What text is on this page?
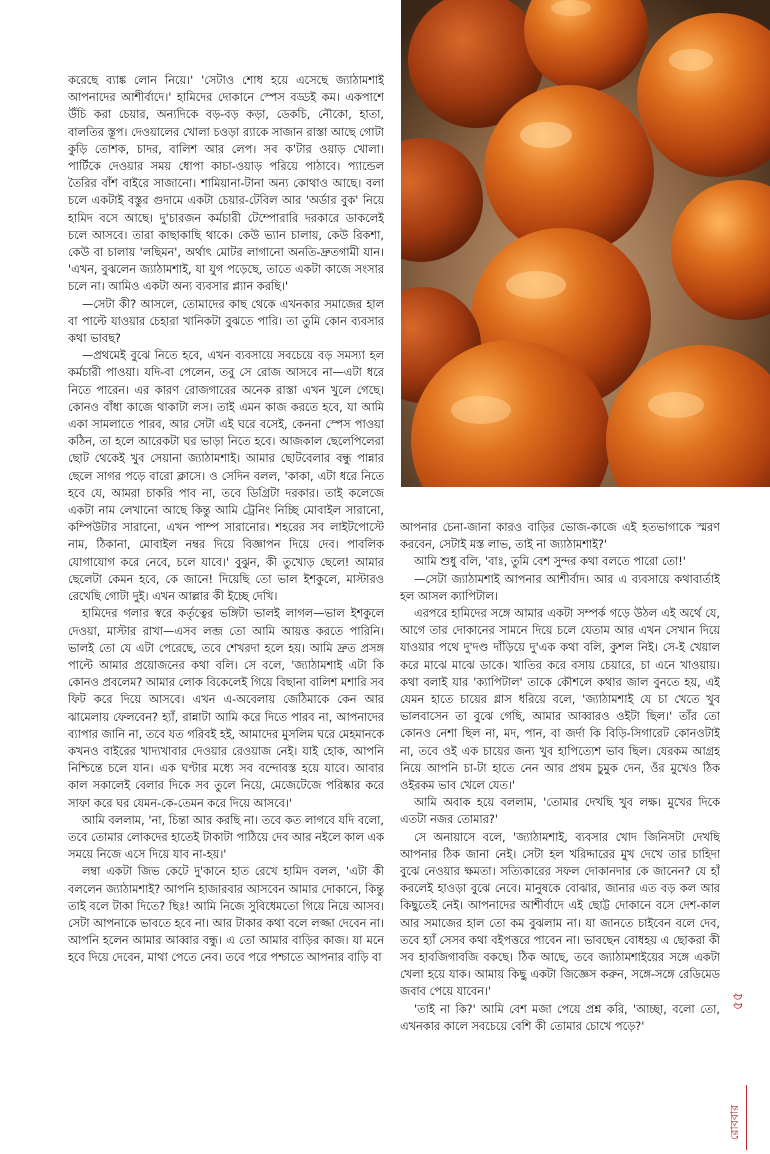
করেছে ব্যাঙ্ক লোন নিয়ে।' 'সেটাও শোধ হয়ে এসেছে জ্যাঠামশাই আপনাদের আশীর্বাদে।' হামিদের দোকানে স্পেস বড্ডই কম। একপাশে উঁচি করা চেয়ার, অন্যদিকে বড়-বড় কড়া, ডেকচি, নৌকো, হাতা, বালতির স্তূপ। দেওয়ালের খোলা চওড়া র‍্যাকে সাজান রাস্তা আছে গোটা কুড়ি তোশক, চাদর, বালিশ আর লেপ। সব ক'টার ওয়াড় খোলা। পার্টিকে দেওয়ার সময় ধোপা কাচা-ওয়াড় পরিয়ে পাঠাবে। প্যান্ডেল তৈরির বাঁশ বাইরে সাজানো। শামিয়ানা-টানা অন্য কোথাও আছে। বলা চলে একটাই বস্তুর গুদামে একটা চেয়ার-টেবিল আর 'অর্ডার বুক' নিয়ে হামিদ বসে আছে। দু'চারজন কর্মচারী টেম্পোরারি দরকারে ডাকলেই চলে আসবে। তারা কাছাকাছি থাকে। কেউ ভ্যান চালায়, কেউ রিকশা, কেউ বা চালায় 'লছিমন', অর্থাৎ মোটর লাগানো অনতি-দ্রুতগামী যান। 'এখন, বুঝলেন জ্যাঠামশাই, যা যুগ পড়েছে, তাতে একটা কাজে সংসার চলে না। আমিও একটা অন্য ব্যবসার প্ল্যান করছি।'

—সেটা কী? আসলে, তোমাদের কাছ থেকে এখনকার সমাজের হাল বা পাল্টে যাওয়ার চেহারা খানিকটা বুঝতে পারি। তা তুমি কোন ব্যবসার কথা ভাবছ?

—প্রথমেই বুঝে নিতে হবে, এখন ব্যবসায়ে সবচেয়ে বড় সমস্যা হল কর্মচারী পাওয়া। যদি-বা পেলেন, তবু সে রোজ আসবে না—এটা ধরে নিতে পারেন। এর কারণ রোজগারের অনেক রাস্তা এখন খুলে গেছে। কোনও বাঁধা কাজে থাকাটা লস। তাই এমন কাজ করতে হবে, যা আমি একা সামলাতে পারব, আর সেটা এই ঘরে বসেই, কেননা স্পেস পাওয়া কঠিন, তা হলে আরেকটা ঘর ভাড়া নিতে হবে। আজকাল ছেলেপিলেরা ছোট থেকেই খুব সেয়ানা জ্যাঠামশাই। আমার ছোটবেলার বন্ধু পান্নার ছেলে সাগর পড়ে বারো ক্লাসে। ও সেদিন বলল, 'কাকা, এটা ধরে নিতে হবে যে, আমরা চাকরি পাব না, তবে ডিগ্রিটা দরকার। তাই কলেজে একটা নাম লেখানো আছে কিন্তু আমি ট্রেনিং নিচ্ছি মোবাইল সারানো, কম্পিউটার সারানো, এখন পাম্প সারানোর। শহরের সব লাইটপোস্টে নাম, ঠিকানা, মোবাইল নম্বর দিয়ে বিজ্ঞাপন দিয়ে দেব। পাবলিক যোগাযোগ করে নেবে, চলে যাবে।' বুঝুন, কী তুখোড় ছেলে! আমার ছেলেটা কেমন হবে, কে জানে! দিয়েছি তো ভাল ইশকুলে, মাস্টারও রেখেছি গোটা দুই। এখন আল্লার কী ইচ্ছে দেখি।

হামিদের গলার স্বরে কর্তৃত্বের ভঙ্গিটা ভালই লাগল—ভাল ইশকুলে দেওয়া, মাস্টার রাখা—এসব লব্জ তো আমি আয়ত্ত করতে পারিনি। ভালই তো যে এটা পেরেছে, তবে শেখরদা হলে হয়। আমি দ্রুত প্রসঙ্গ পাল্টে আমার প্রয়োজনের কথা বলি। সে বলে, 'জ্যাঠামশাই এটা কি কোনও প্রবলেম? আমার লোক বিকেলেই গিয়ে বিছানা বালিশ মশারি সব ফিট করে দিয়ে আসবে। এখন এ-অবেলায় জেঠিমাকে কেন আর ঝামেলায় ফেলবেন? হ্যাঁ, রান্নাটা আমি করে দিতে পারব না, আপনাদের ব্যাপার জানি না, তবে যত গরিবই হই, আমাদের মুসলিম ঘরে মেহমানকে কখনও বাইরের খাদ্যখাবার দেওয়ার রেওয়াজ নেই। যাই হোক, আপনি নিশ্চিন্তে চলে যান। এক ঘণ্টার মধ্যে সব বন্দোবস্ত হয়ে যাবে। আবার কাল সকালেই বেলার দিকে সব তুলে নিয়ে, মেজেটেজে পরিষ্কার করে সাফা করে ঘর যেমন-কে-তেমন করে দিয়ে আসবে।'

আমি বললাম, 'না, চিন্তা আর করছি না। তবে কত লাগবে যদি বলো, তবে তোমার লোকদের হাতেই টাকাটা পাঠিয়ে দেব আর নইলে কাল এক সময়ে নিজে এসে দিয়ে যাব না-হয়।'

লম্বা একটা জিভ কেটে দু'কানে হাত রেখে হামিদ বলল, 'এটা কী বললেন জ্যাঠামশাই? আপনি হাজারবার আসবেন আমার দোকানে, কিন্তু তাই বলে টাকা দিতে? ছিঃ! আমি নিজে সুবিধেমতো গিয়ে নিয়ে আসব। সেটা আপনাকে ভাবতে হবে না। আর টাকার কথা বলে লজ্জা দেবেন না। আপনি হলেন আমার আব্বার বন্ধু। এ তো আমার বাড়ির কাজ। যা মনে হবে দিয়ে দেবেন, মাথা পেতে নেব। তবে পরে পশ্চাতে আপনার বাড়ি বা

আপনার চেনা-জানা কারও বাড়ির ভোজ-কাজে এই হতভাগাকে স্মরণ করবেন, সেটাই মস্ত লাভ, তাই না জ্যাঠামশাই?'

আমি শুধু বলি, 'বাঃ, তুমি বেশ সুন্দর কথা বলতে পারো তো!'

—সেটা জ্যাঠামশাই আপনার আশীর্বাদ। আর এ ব্যবসায়ে কথাবার্তাই হল আসল ক্যাপিটাল।

এরপরে হামিদের সঙ্গে আমার একটা সম্পর্ক গড়ে উঠল এই অর্থে যে, আগে তার দোকানের সামনে দিয়ে চলে যেতাম আর এখন সেখান দিয়ে যাওয়ার পথে দু'দণ্ড দাঁড়িয়ে দু'এক কথা বলি, কুশল নিই। সে-ই খেয়াল করে মাঝে মাঝে ডাকে। খাতির করে বসায় চেয়ারে, চা এনে খাওয়ায়। কথা বলাই যার 'ক্যাপিটাল' তাকে কৌশলে কথার জাল বুনতে হয়, এই যেমন হাতে চায়ের গ্লাস ধরিয়ে বলে, 'জ্যাঠামশাই যে চা খেতে খুব ভালবাসেন তা বুঝে গেছি, আমার আব্বারও ওইটা ছিল।' তাঁর তো কোনও নেশা ছিল না, মদ, পান, বা জর্দা কি বিড়ি-সিগারেট কোনওটাই না, তবে ওই এক চায়ের জন্য খুব হাপিত্যেশ ভাব ছিল। যেরকম আগ্রহ নিয়ে আপনি চা-টা হাতে নেন আর প্রথম চুমুক দেন, ওঁর মুখেও ঠিক ওইরকম ভাব খেলে যেত।'

আমি অবাক হয়ে বললাম, 'তোমার দেখছি খুব লক্ষ। মুখের দিকে এতটা নজর তোমার?'

সে অনায়াসে বলে, 'জ্যাঠামশাই, ব্যবসার খোদ জিনিসটা দেখছি আপনার ঠিক জানা নেই। সেটা হল খরিদ্দারের মুখ দেখে তার চাহিদা বুঝে নেওয়ার ক্ষমতা। সত্যিকারের সফল দোকানদার কে জানেন? যে হাঁ করলেই হাওড়া বুঝে নেবে। মানুষকে বোঝার, জানার এত বড় কল আর কিছুতেই নেই। আপনাদের আশীর্বাদে এই ছোট্ট দোকানে বসে দেশ-কাল আর সমাজের হাল তো কম বুঝলাম না। যা জানতে চাইবেন বলে দেব, তবে হ্যাঁ সেসব কথা বইপত্তরে পাবেন না। ভাবছেন বোধহয় এ ছোকরা কী সব হাবজিগাবজি বকছে। ঠিক আছে, তবে জ্যাঠামশাইয়ের সঙ্গে একটা খেলা হয়ে যাক। আমায় কিছু একটা জিজ্ঞেস করুন, সঙ্গে-সঙ্গে রেডিমেড জবাব পেয়ে যাবেন।'

'তাই না কি?' আমি বেশ মজা পেয়ে প্রশ্ন করি, 'আচ্ছা, বলো তো, এখনকার কালে সবচেয়ে বেশি কী তোমার চোখে পড়ে?'

৫৫
রোববার
